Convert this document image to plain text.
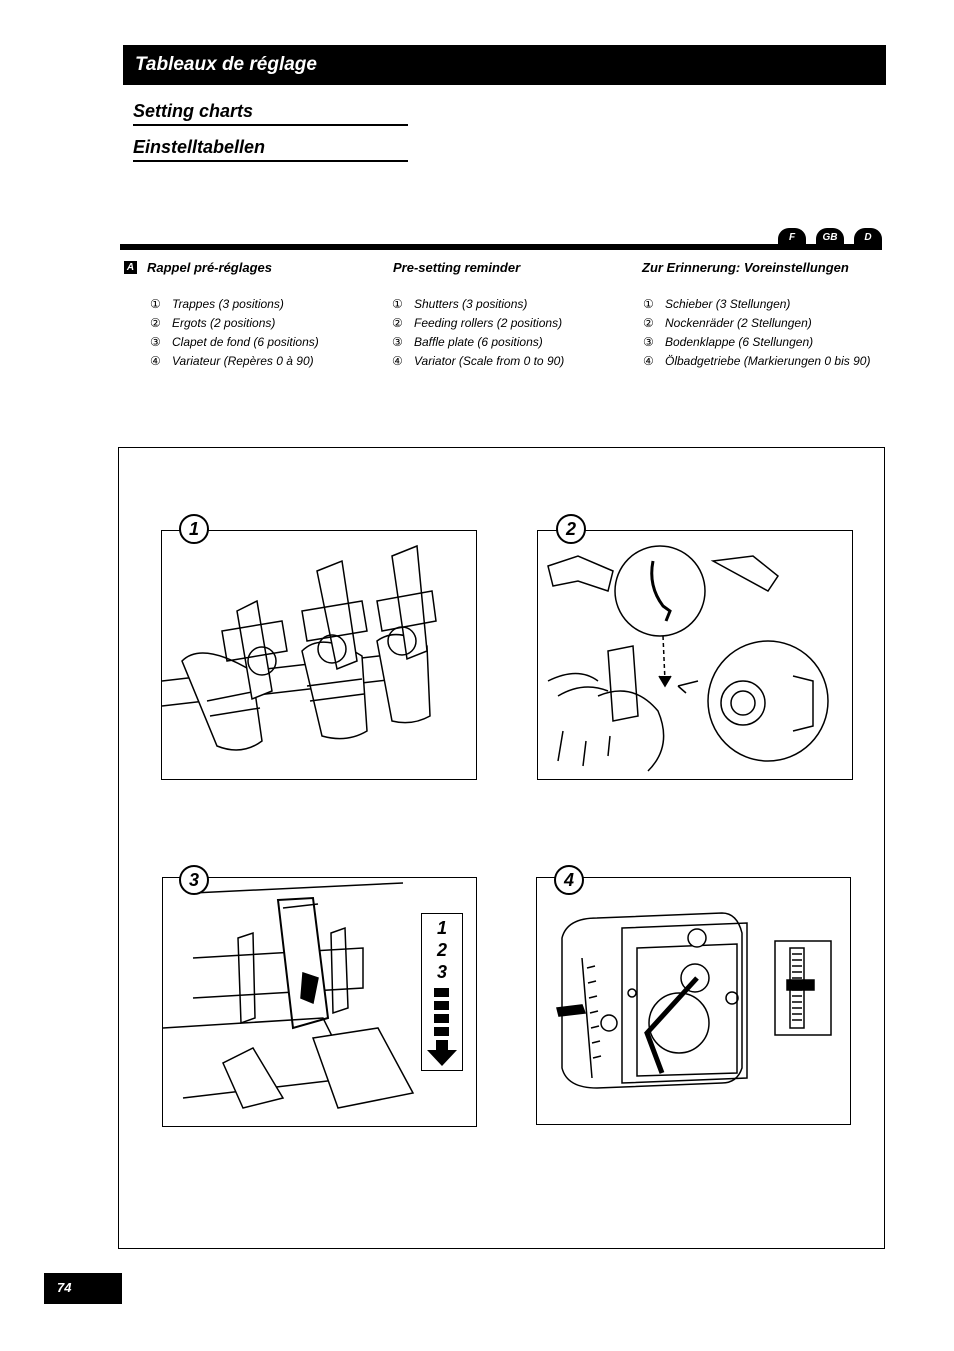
Tableaux de réglage
Setting charts
Einstelltabellen
F	GB	D
A Rappel pré-réglages	Pre-setting reminder	Zur Erinnerung: Voreinstellungen
① Trappes (3 positions)
② Ergots (2 positions)
③ Clapet de fond (6 positions)
④ Variateur (Repères 0 à 90)
① Shutters (3 positions)
② Feeding rollers (2 positions)
③ Baffle plate (6 positions)
④ Variator (Scale from 0 to 90)
① Schieber (3 Stellungen)
② Nockenräder (2 Stellungen)
③ Bodenklappe (6 Stellungen)
④ Ölbadgetriebe (Markierungen 0 bis 90)
1	2
3
1
2
3
4
74
